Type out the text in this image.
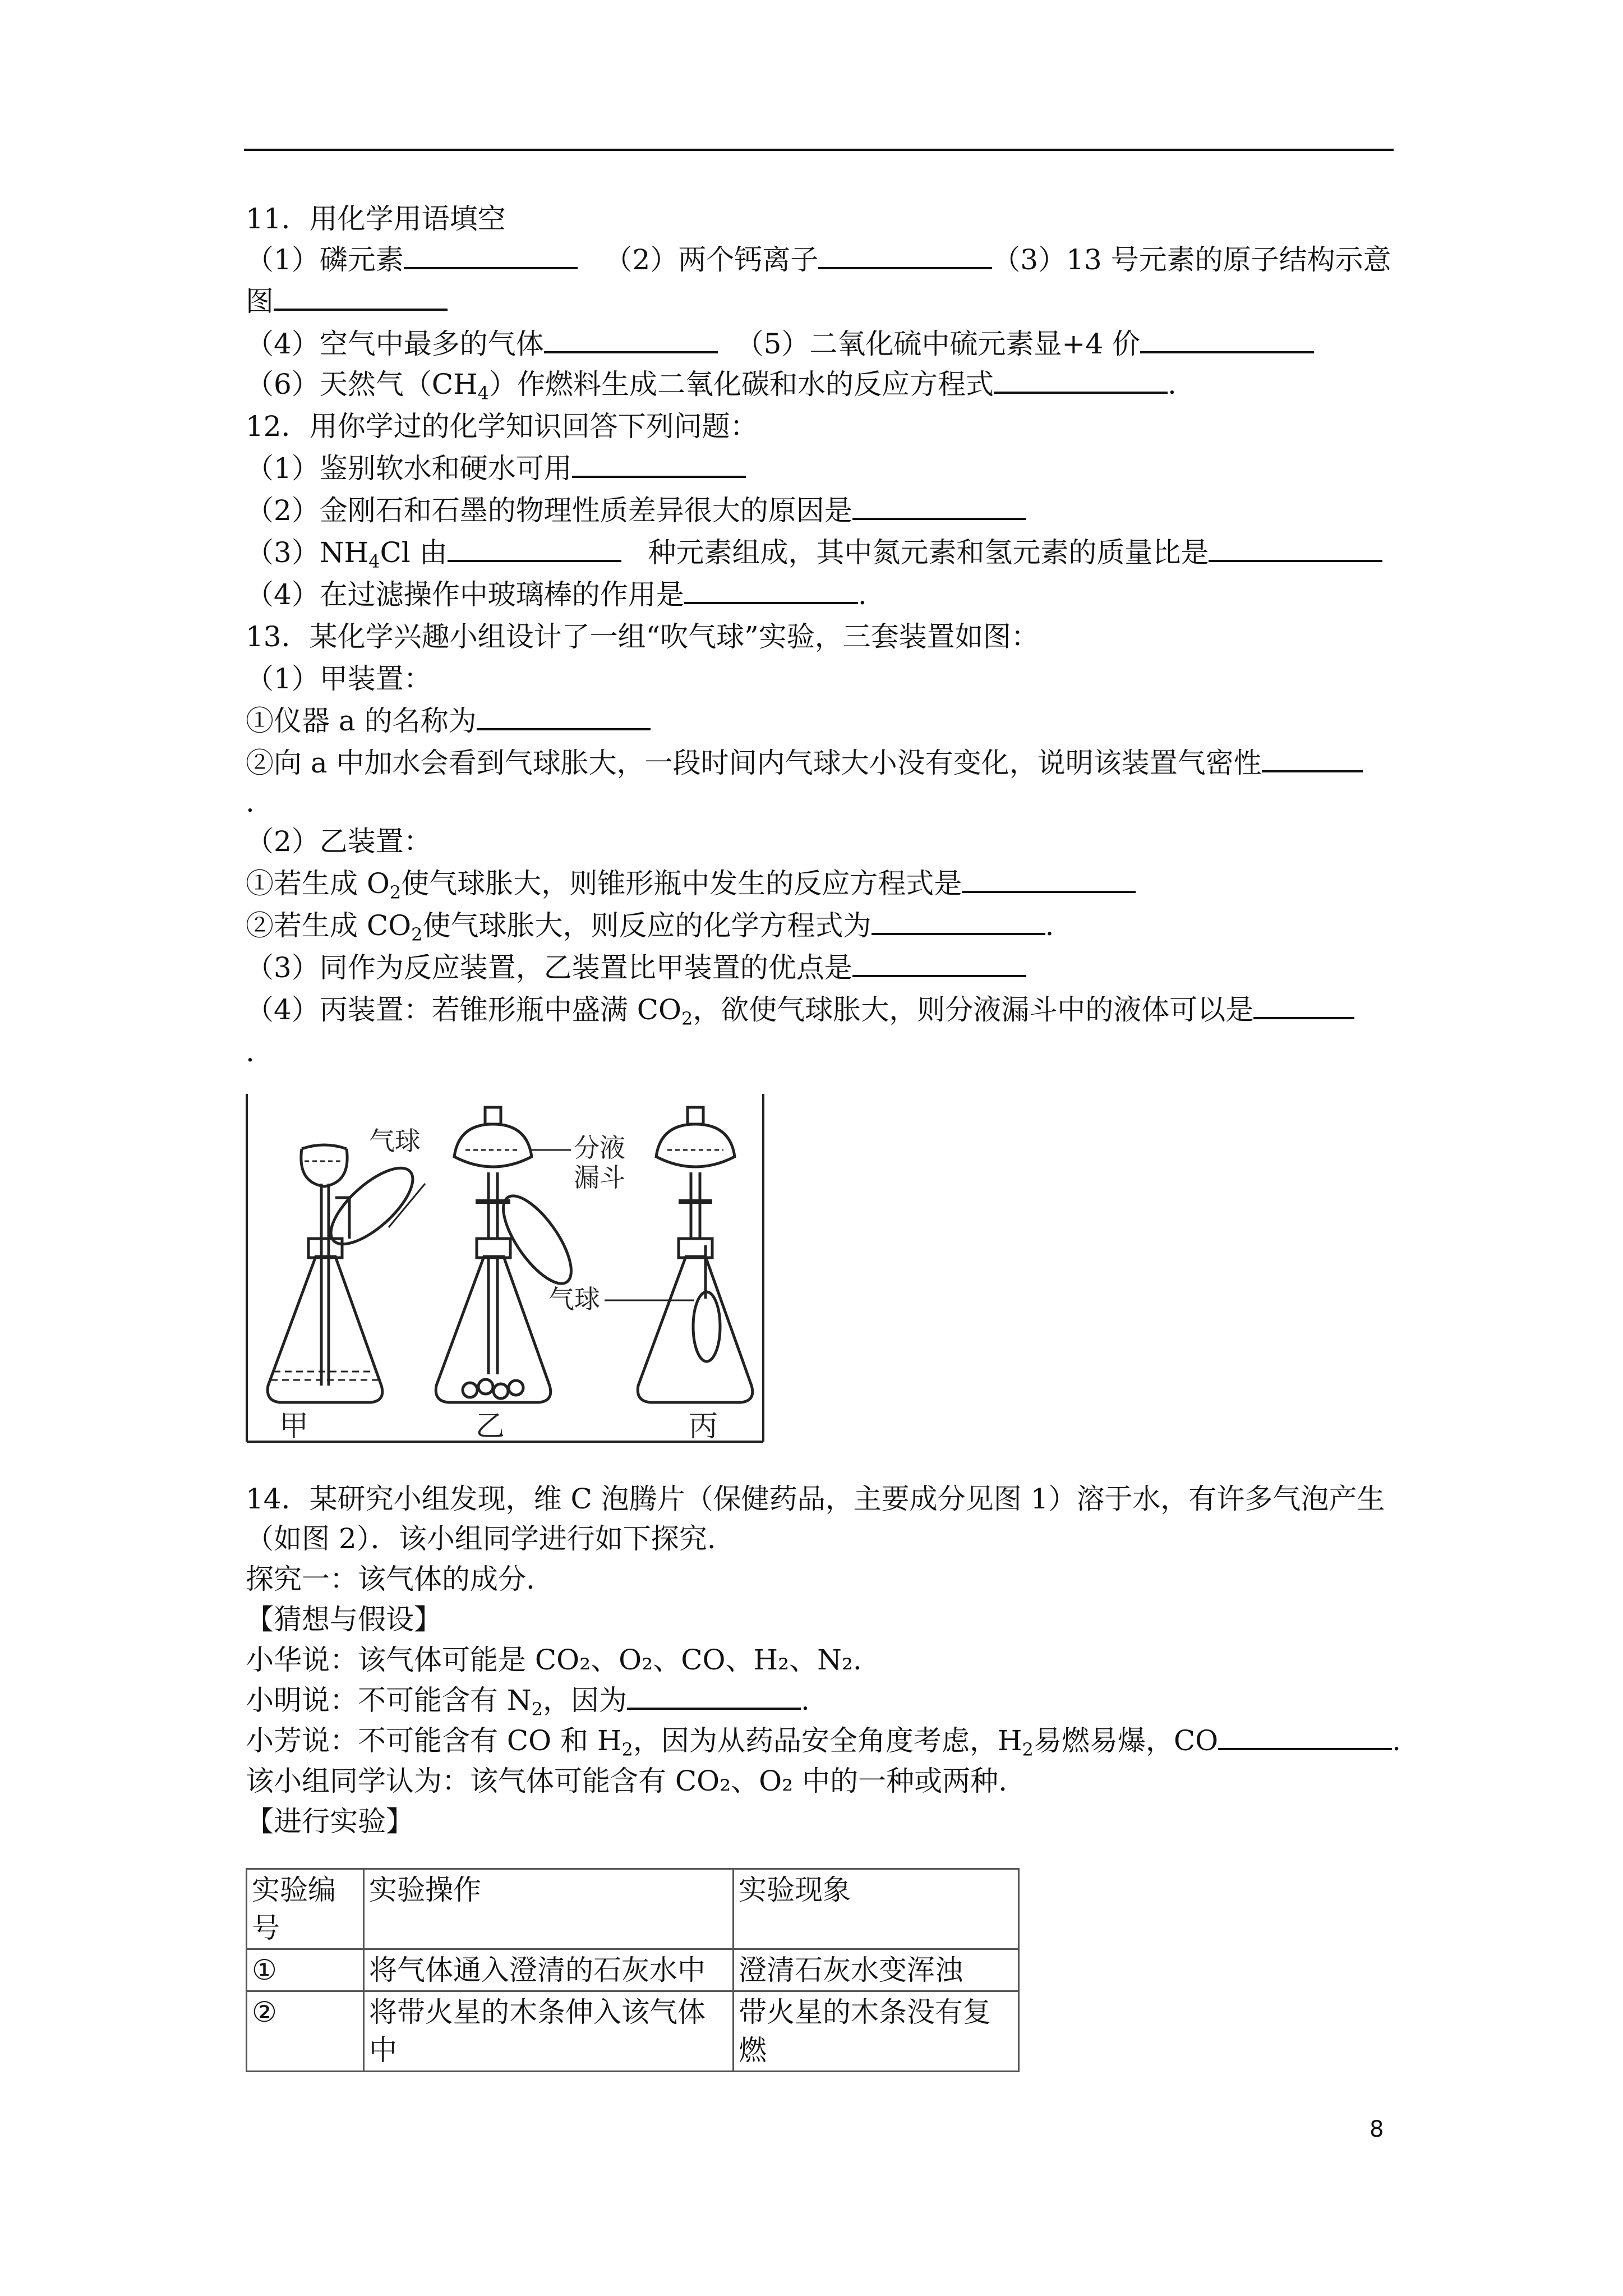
11．用化学用语填空
（1）磷元素	（2）两个钙离子	（3）13 号元素的原子结构示意
图
（4）空气中最多的气体	（5）二氧化硫中硫元素显+4 价
（6）天然气$(CH_4)$作燃料生成二氧化碳和水的反应方程式	.
12．用你学过的化学知识回答下列问题：
（1）鉴别软水和硬水可用
（2）金刚石和石墨的物理性质差异很大的原因是
$(3)NH_4Cl$ 由	种元素组成，其中氮元素和氢元素的质量比是
（4）在过滤操作中玻璃棒的作用是	.
13．某化学兴趣小组设计了一组“吹气球”实验，三套装置如图：
（1）甲装置：
①仪器 a 的名称为
②向 a 中加水会看到气球胀大，一段时间内气球大小没有变化，说明该装置气密性
.
（2）乙装置：
①若生成 $O_2$使气球胀大，则锥形瓶中发生的反应方程式是
②若生成 $CO_2$使气球胀大，则反应的化学方程式为	.
（3）同作为反应装置，乙装置比甲装置的优点是
（4）丙装置：若锥形瓶中盛满 $CO_2$，欲使气球胀大，则分液漏斗中的液体可以是
.
气球	分液
漏斗
气球
甲	乙	丙
14．某研究小组发现，维 C 泡腾片（保健药品，主要成分见图 1）溶于水，有许多气泡产生
（如图 2）．该小组同学进行如下探究.
探究一：该气体的成分.
【猜想与假设】
小华说：该气体可能是 CO₂、O₂、CO、H₂、N₂.
小明说：不可能含有 $N_2$，因为	.
小芳说：不可能含有 CO 和 $H_2$，因为从药品安全角度考虑，$H_2$易燃易爆，CO	.
该小组同学认为：该气体可能含有 CO₂、O₂ 中的一种或两种.
【进行实验】
实验编号	实验操作	实验现象
①	将气体通入澄清的石灰水中	澄清石灰水变浑浊
②	将带火星的木条伸入该气体中	带火星的木条没有复燃
8
